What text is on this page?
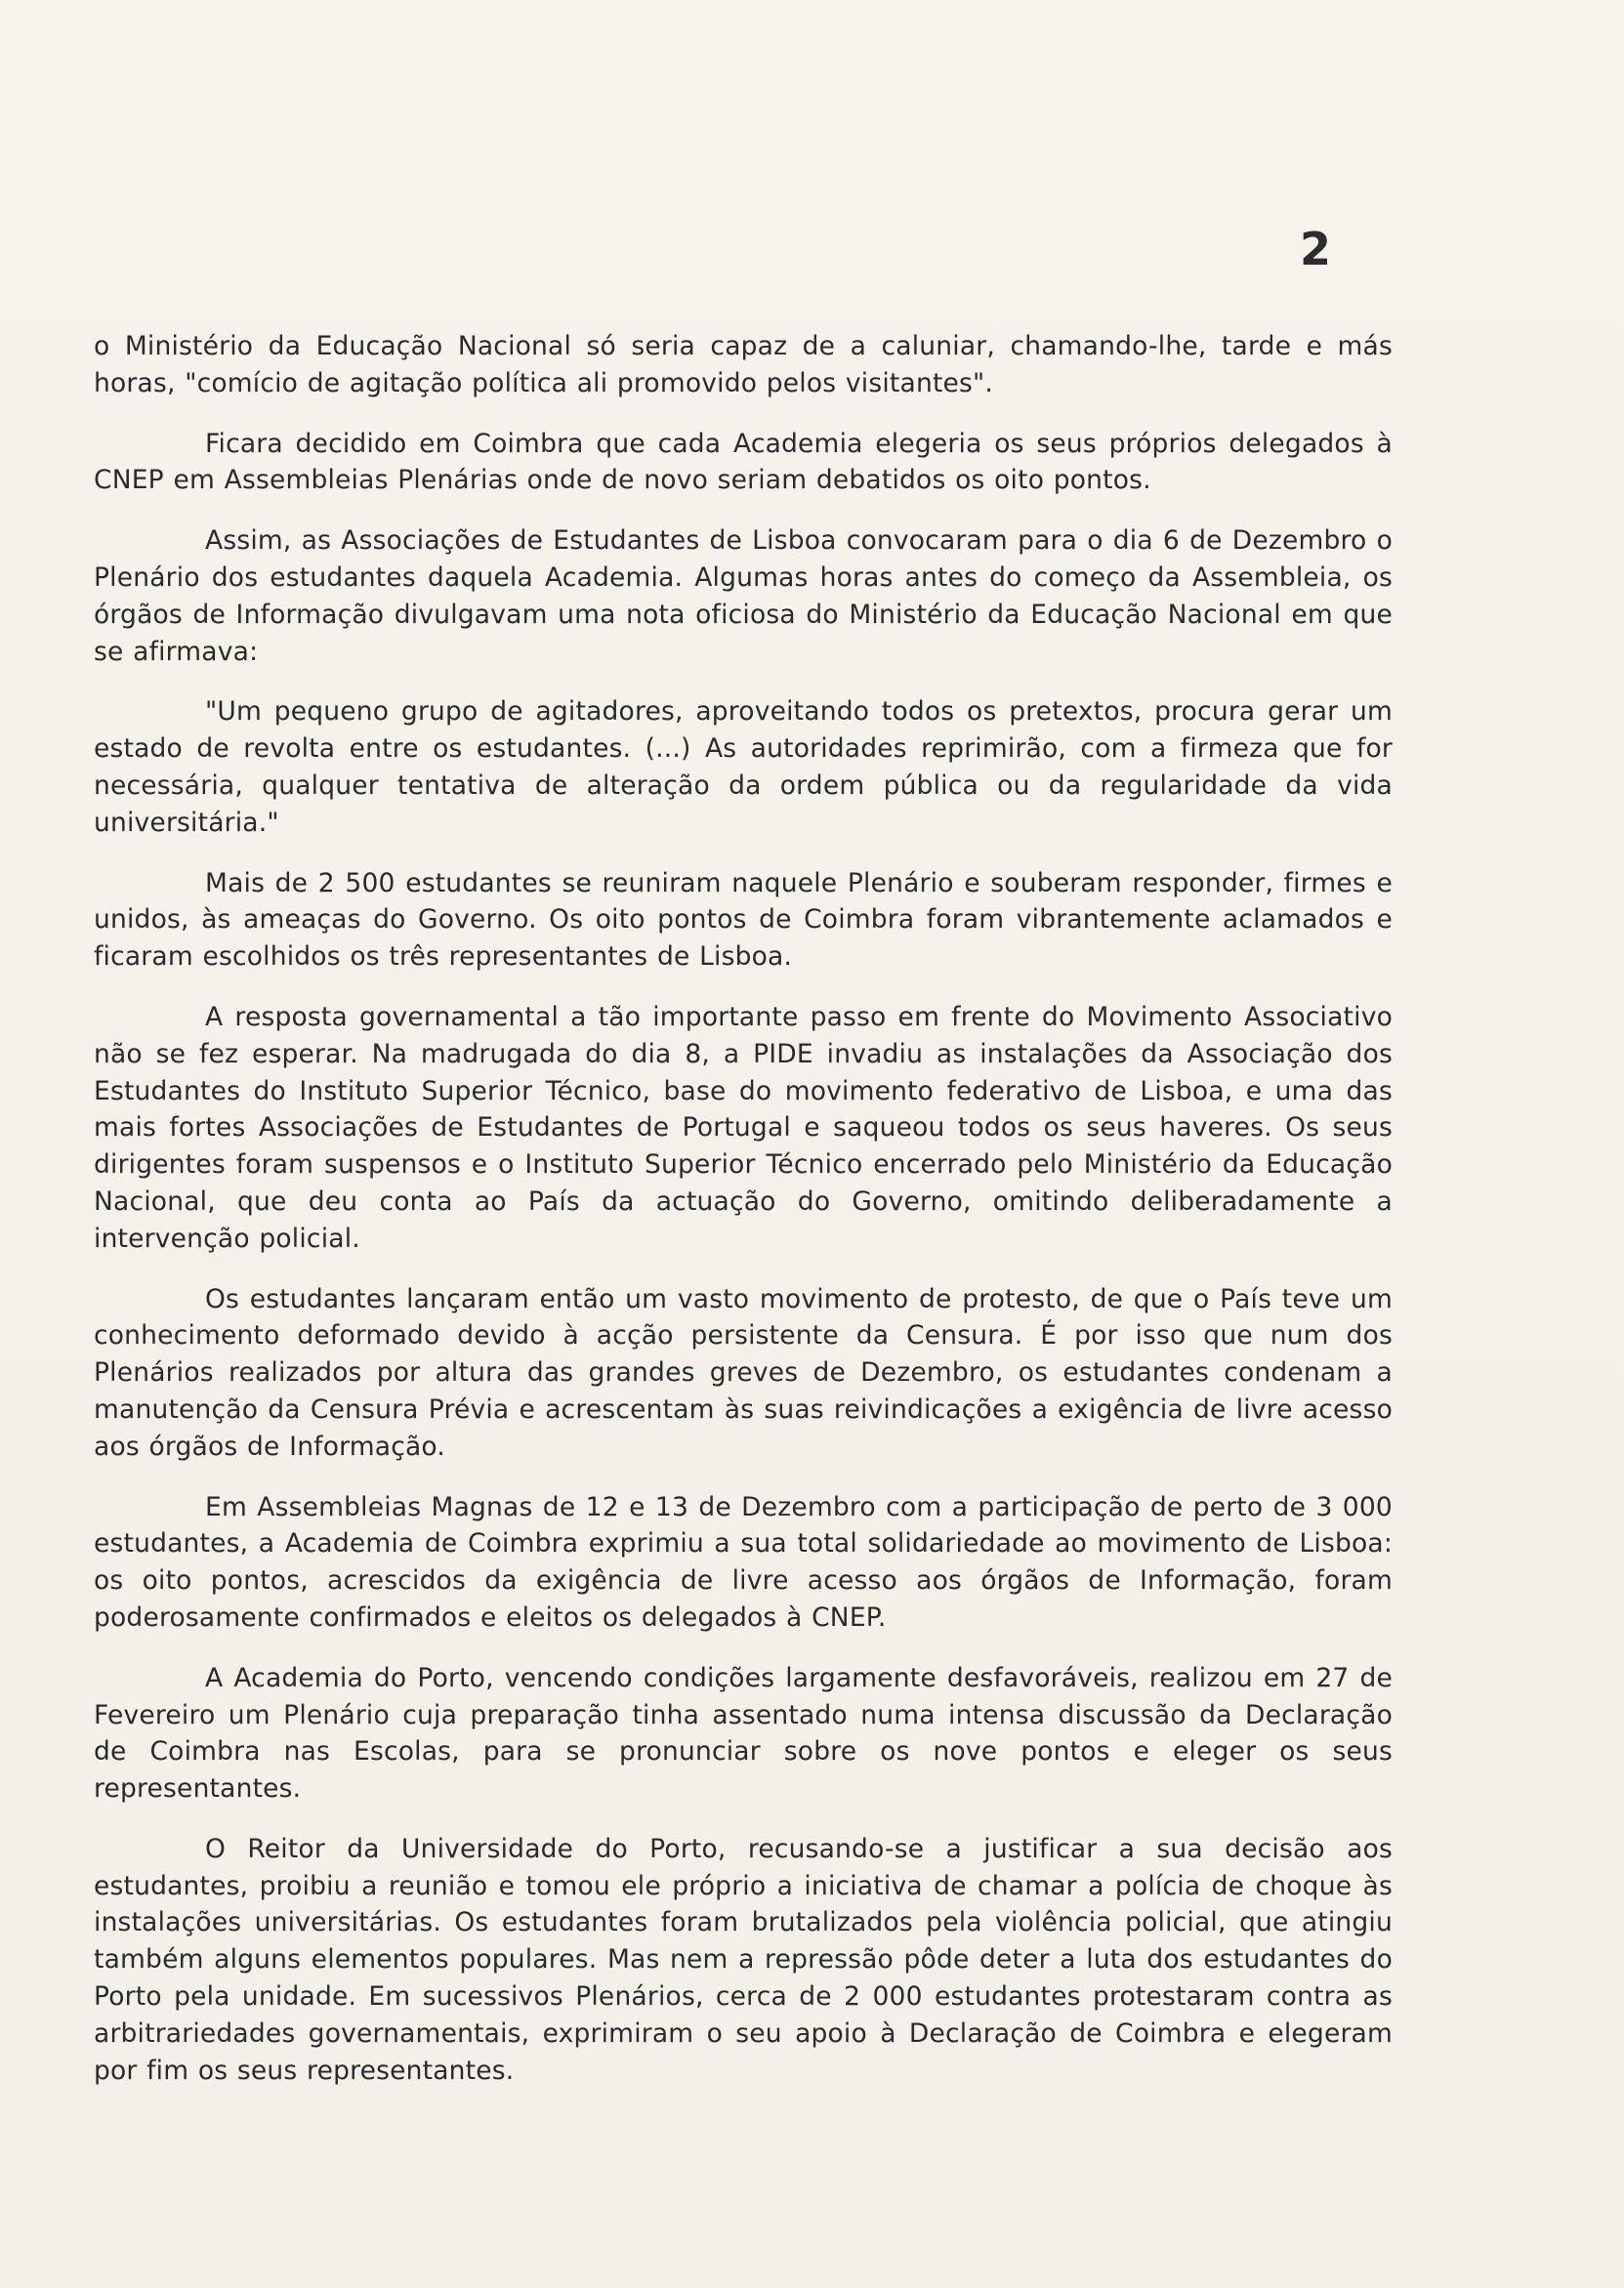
2

o Ministério da Educação Nacional só seria capaz de a caluniar, chamando-lhe, tarde e más horas, "comício de agitação política ali promovido pelos visitantes".

Ficara decidido em Coimbra que cada Academia elegeria os seus próprios delegados à CNEP em Assembleias Plenárias onde de novo seriam debatidos os oito pontos.

Assim, as Associações de Estudantes de Lisboa convocaram para o dia 6 de Dezembro o Plenário dos estudantes daquela Academia. Algumas horas antes do começo da Assembleia, os órgãos de Informação divulgavam uma nota oficiosa do Ministério da Educação Nacional em que se afirmava:

"Um pequeno grupo de agitadores, aproveitando todos os pretextos, procura gerar um estado de revolta entre os estudantes. (...) As autoridades reprimirão, com a firmeza que for necessária, qualquer tentativa de alteração da ordem pública ou da regularidade da vida universitária."

Mais de 2 500 estudantes se reuniram naquele Plenário e souberam responder, firmes e unidos, às ameaças do Governo. Os oito pontos de Coimbra foram vibrantemente aclamados e ficaram escolhidos os três representantes de Lisboa.

A resposta governamental a tão importante passo em frente do Movimento Associativo não se fez esperar. Na madrugada do dia 8, a PIDE invadiu as instalações da Associação dos Estudantes do Instituto Superior Técnico, base do movimento federativo de Lisboa, e uma das mais fortes Associações de Estudantes de Portugal e saqueou todos os seus haveres. Os seus dirigentes foram suspensos e o Instituto Superior Técnico encerrado pelo Ministério da Educação Nacional, que deu conta ao País da actuação do Governo, omitindo deliberadamente a intervenção policial.

Os estudantes lançaram então um vasto movimento de protesto, de que o País teve um conhecimento deformado devido à acção persistente da Censura. É por isso que num dos Plenários realizados por altura das grandes greves de Dezembro, os estudantes condenam a manutenção da Censura Prévia e acrescentam às suas reivindicações a exigência de livre acesso aos órgãos de Informação.

Em Assembleias Magnas de 12 e 13 de Dezembro com a participação de perto de 3 000 estudantes, a Academia de Coimbra exprimiu a sua total solidariedade ao movimento de Lisboa: os oito pontos, acrescidos da exigência de livre acesso aos órgãos de Informação, foram poderosamente confirmados e eleitos os delegados à CNEP.

A Academia do Porto, vencendo condições largamente desfavoráveis, realizou em 27 de Fevereiro um Plenário cuja preparação tinha assentado numa intensa discussão da Declaração de Coimbra nas Escolas, para se pronunciar sobre os nove pontos e eleger os seus representantes.

O Reitor da Universidade do Porto, recusando-se a justificar a sua decisão aos estudantes, proibiu a reunião e tomou ele próprio a iniciativa de chamar a polícia de choque às instalações universitárias. Os estudantes foram brutalizados pela violência policial, que atingiu também alguns elementos populares. Mas nem a repressão pôde deter a luta dos estudantes do Porto pela unidade. Em sucessivos Plenários, cerca de 2 000 estudantes protestaram contra as arbitrariedades governamentais, exprimiram o seu apoio à Declaração de Coimbra e elegeram por fim os seus representantes.
